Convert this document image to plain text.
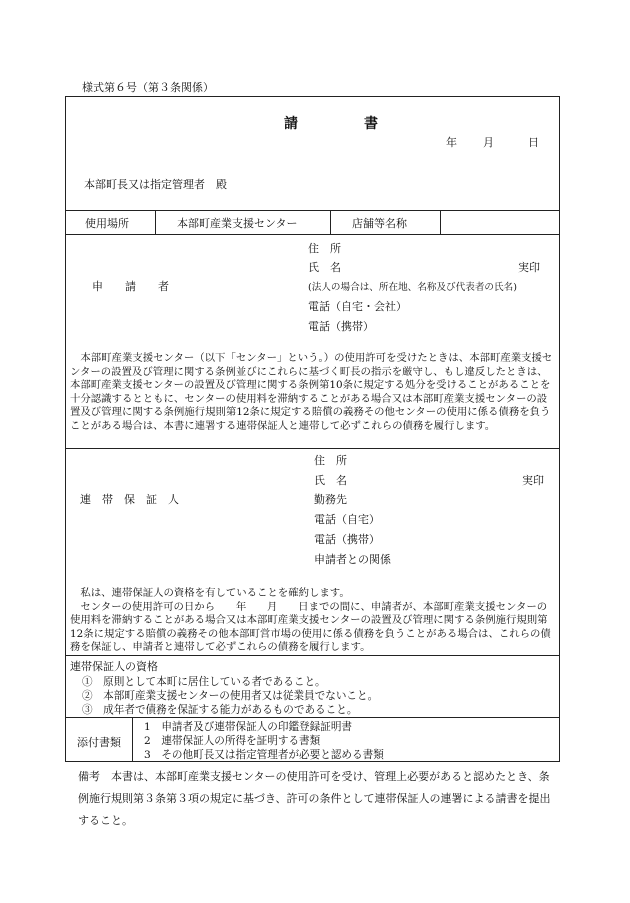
様式第６号（第３条関係）
請　書
年 月	日
本部町長又は指定管理者　殿
使用場所	本部町産業支援センター	店舗等名称
申　　請　　者
住　所
氏　名	実印
(法人の場合は、所在地、名称及び代表者の氏名)
電話（自宅・会社）
電話（携帯）

　本部町産業支援センター（以下「センター」という。）の使用許可を受けたときは、本部町産業支援センターの設置及び管理に関する条例並びにこれらに基づく町長の指示を厳守し、もし違反したときは、本部町産業支援センターの設置及び管理に関する条例第10条に規定する処分を受けることがあることを十分認識するとともに、センターの使用料を滞納することがある場合又は本部町産業支援センターの設置及び管理に関する条例施行規則第12条に規定する賠償の義務その他センターの使用に係る債務を負うことがある場合は、本書に連署する連帯保証人と連帯して必ずこれらの債務を履行します。

連　帯　保　証　人
住　所
氏　名	実印
勤務先
電話（自宅）
電話（携帯）
申請者との関係

　私は、連帯保証人の資格を有していることを確約します。

　センターの使用許可の日から　　年　　月　　日までの間に、申請者が、本部町産業支援センターの使用料を滞納することがある場合又は本部町産業支援センターの設置及び管理に関する条例施行規則第12条に規定する賠償の義務その他本部町営市場の使用に係る債務を負うことがある場合は、これらの債務を保証し、申請者と連帯して必ずこれらの債務を履行します。

連帯保証人の資格
①　原則として本町に居住している者であること。
②　本部町産業支援センターの使用者又は従業員でないこと。
③　成年者で債務を保証する能力があるものであること。
添付書類
1　申請者及び連帯保証人の印鑑登録証明書
2　連帯保証人の所得を証明する書類
3　その他町長又は指定管理者が必要と認める書類
備考　本書は、本部町産業支援センターの使用許可を受け、管理上必要があると認めたとき、条例施行規則第３条第３項の規定に基づき、許可の条件として連帯保証人の連署による請書を提出すること。
